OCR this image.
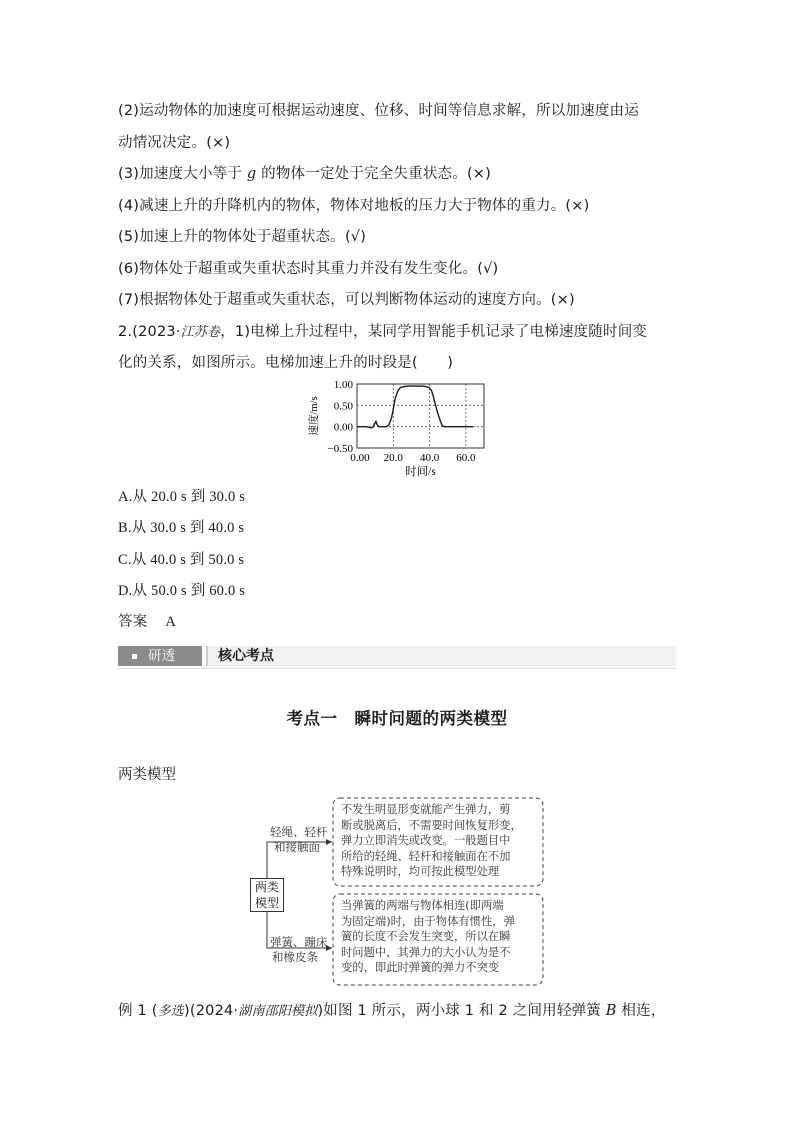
(2)运动物体的加速度可根据运动速度、位移、时间等信息求解，所以加速度由运
动情况决定。(×)
(3)加速度大小等于 g 的物体一定处于完全失重状态。(×)
(4)减速上升的升降机内的物体，物体对地板的压力大于物体的重力。(×)
(5)加速上升的物体处于超重状态。(√)
(6)物体处于超重或失重状态时其重力并没有发生变化。(√)
(7)根据物体处于超重或失重状态，可以判断物体运动的速度方向。(×)
2.(2023·江苏卷，1)电梯上升过程中，某同学用智能手机记录了电梯速度随时间变
化的关系，如图所示。电梯加速上升的时段是(　　)
1.00
0.50
0.00
−0.50
0.00 20.0 40.0 60.0
时间/s
速度/m/s
A.从 20.0 s 到 30.0 s
B.从 30.0 s 到 40.0 s
C.从 40.0 s 到 50.0 s
D.从 50.0 s 到 60.0 s
答案 A
研透	核心考点
考点一　瞬时问题的两类模型
两类模型
两类
模型
轻绳、轻杆
和接触面
弹簧、蹦床
和橡皮条
不发生明显形变就能产生弹力，剪
断或脱离后，不需要时间恢复形变，
弹力立即消失或改变。一般题目中
所给的轻绳、轻杆和接触面在不加
特殊说明时，均可按此模型处理
当弹簧的两端与物体相连(即两端
为固定端)时，由于物体有惯性，弹
簧的长度不会发生突变，所以在瞬
时问题中，其弹力的大小认为是不
变的，即此时弹簧的弹力不突变
例 1 (多选)(2024·湖南邵阳模拟)如图 1 所示，两小球 1 和 2 之间用轻弹簧 B 相连，
